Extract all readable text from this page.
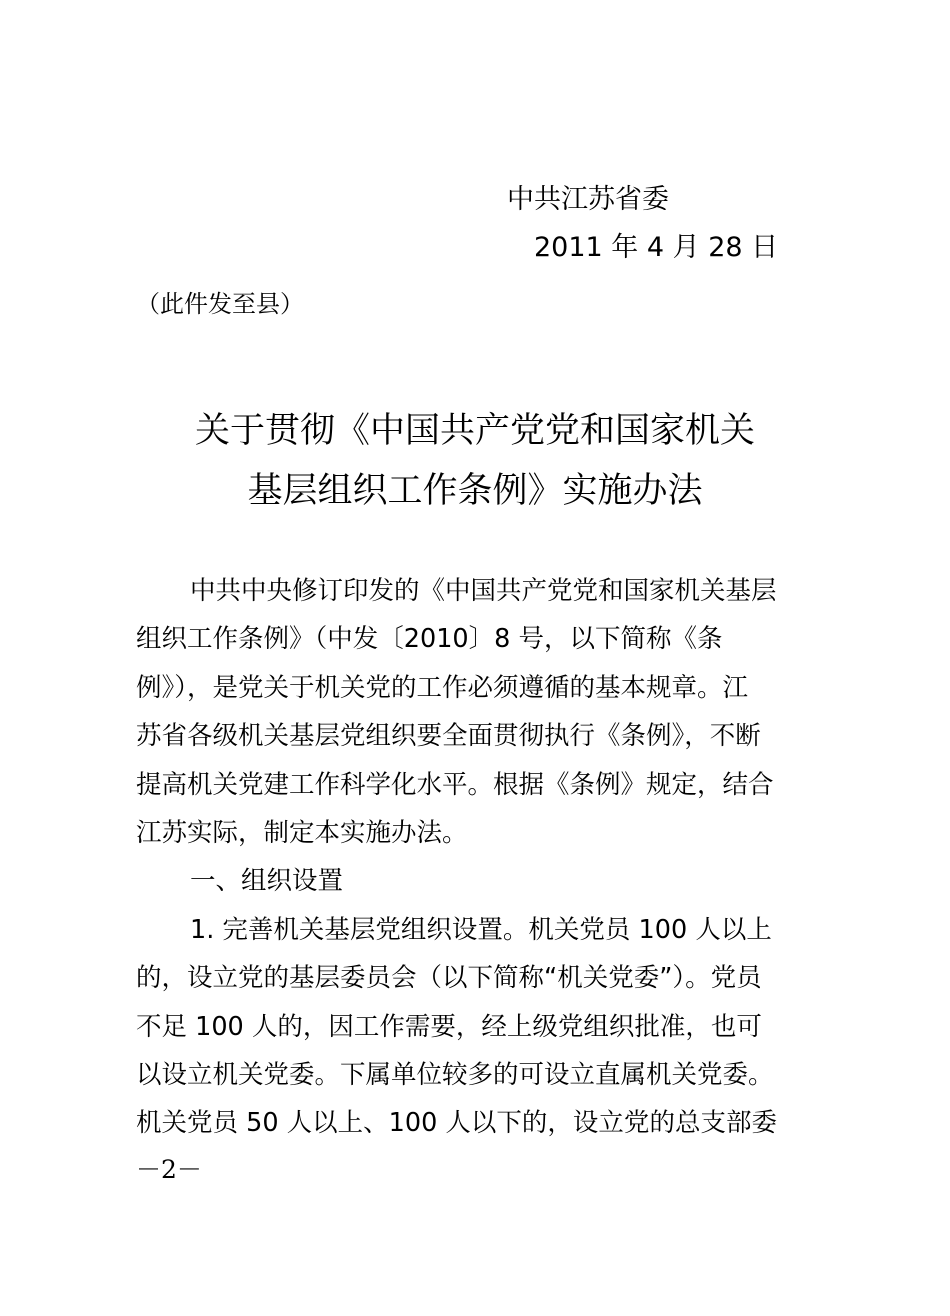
中共江苏省委
2011 年 4 月 28 日
（此件发至县）
关于贯彻《中国共产党党和国家机关
基层组织工作条例》实施办法
中共中央修订印发的《中国共产党党和国家机关基层
组织工作条例》（中发〔2010〕8 号，以下简称《条
例》），是党关于机关党的工作必须遵循的基本规章。江
苏省各级机关基层党组织要全面贯彻执行《条例》，不断
提高机关党建工作科学化水平。根据《条例》规定，结合
江苏实际，制定本实施办法。
一、组织设置
1. 完善机关基层党组织设置。机关党员 100 人以上
的，设立党的基层委员会（以下简称“机关党委”）。党员
不足 100 人的，因工作需要，经上级党组织批准，也可
以设立机关党委。下属单位较多的可设立直属机关党委。
机关党员 50 人以上、100 人以下的，设立党的总支部委
－2－
